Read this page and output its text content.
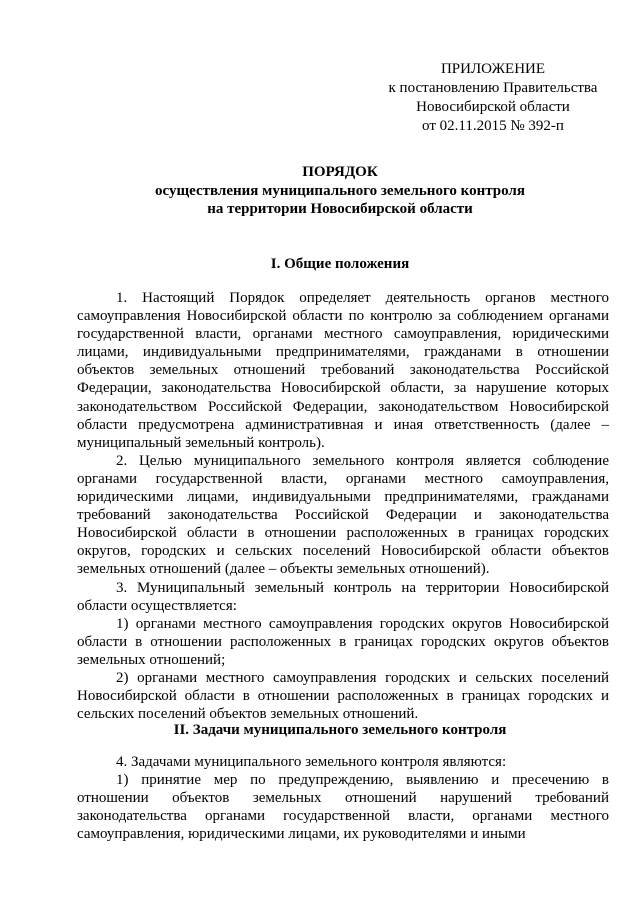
ПРИЛОЖЕНИЕ
к постановлению Правительства
Новосибирской области
от 02.11.2015 № 392-п
ПОРЯДОК
осуществления муниципального земельного контроля
на территории Новосибирской области
I. Общие положения

1. Настоящий Порядок определяет деятельность органов местного самоуправления Новосибирской области по контролю за соблюдением органами государственной власти, органами местного самоуправления, юридическими лицами, индивидуальными предпринимателями, гражданами в отношении объектов земельных отношений требований законодательства Российской Федерации, законодательства Новосибирской области, за нарушение которых законодательством Российской Федерации, законодательством Новосибирской области предусмотрена административная и иная ответственность (далее – муниципальный земельный контроль).

2. Целью муниципального земельного контроля является соблюдение органами государственной власти, органами местного самоуправления, юридическими лицами, индивидуальными предпринимателями, гражданами требований законодательства Российской Федерации и законодательства Новосибирской области в отношении расположенных в границах городских округов, городских и сельских поселений Новосибирской области объектов земельных отношений (далее – объекты земельных отношений).

3. Муниципальный земельный контроль на территории Новосибирской области осуществляется:

1) органами местного самоуправления городских округов Новосибирской области в отношении расположенных в границах городских округов объектов земельных отношений;

2) органами местного самоуправления городских и сельских поселений Новосибирской области в отношении расположенных в границах городских и сельских поселений объектов земельных отношений.

II. Задачи муниципального земельного контроля

4. Задачами муниципального земельного контроля являются:

1) принятие мер по предупреждению, выявлению и пресечению в отношении объектов земельных отношений нарушений требований законодательства органами государственной власти, органами местного самоуправления, юридическими лицами, их руководителями и иными
